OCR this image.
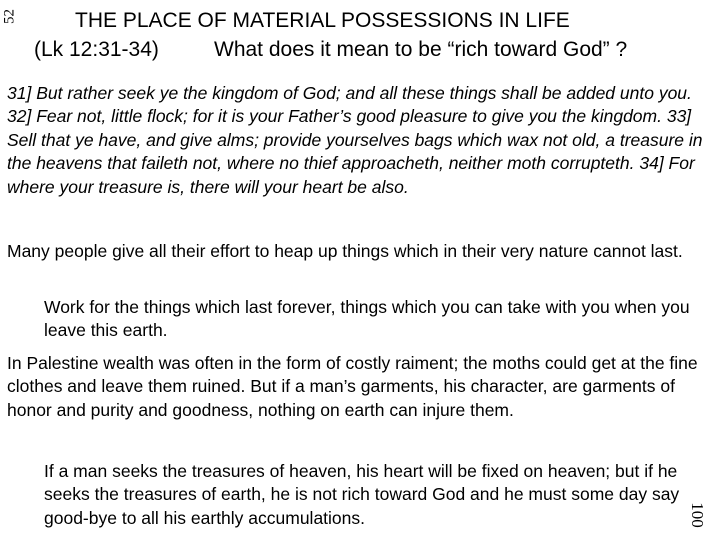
52	THE PLACE OF MATERIAL POSSESSIONS IN LIFE
(Lk 12:31-34)	What does it mean to be “rich toward God” ?
31] But rather seek ye the kingdom of God; and all these things shall be added unto you. 32] Fear not, little flock; for it is your Father’s good pleasure to give you the kingdom. 33] Sell that ye have, and give alms; provide yourselves bags which wax not old, a treasure in the heavens that faileth not, where no thief approacheth, neither moth corrupteth. 34] For where your treasure is, there will your heart be also.
Many people give all their effort to heap up things which in their very nature cannot last.
Work for the things which last forever, things which you can take with you when you leave this earth.
In Palestine wealth was often in the form of costly raiment; the moths could get at the fine clothes and leave them ruined. But if a man’s garments, his character, are garments of honor and purity and goodness, nothing on earth can injure them.
If a man seeks the treasures of heaven, his heart will be fixed on heaven; but if he seeks the treasures of earth, he is not rich toward God and he must some day say good-bye to all his earthly accumulations.	100
